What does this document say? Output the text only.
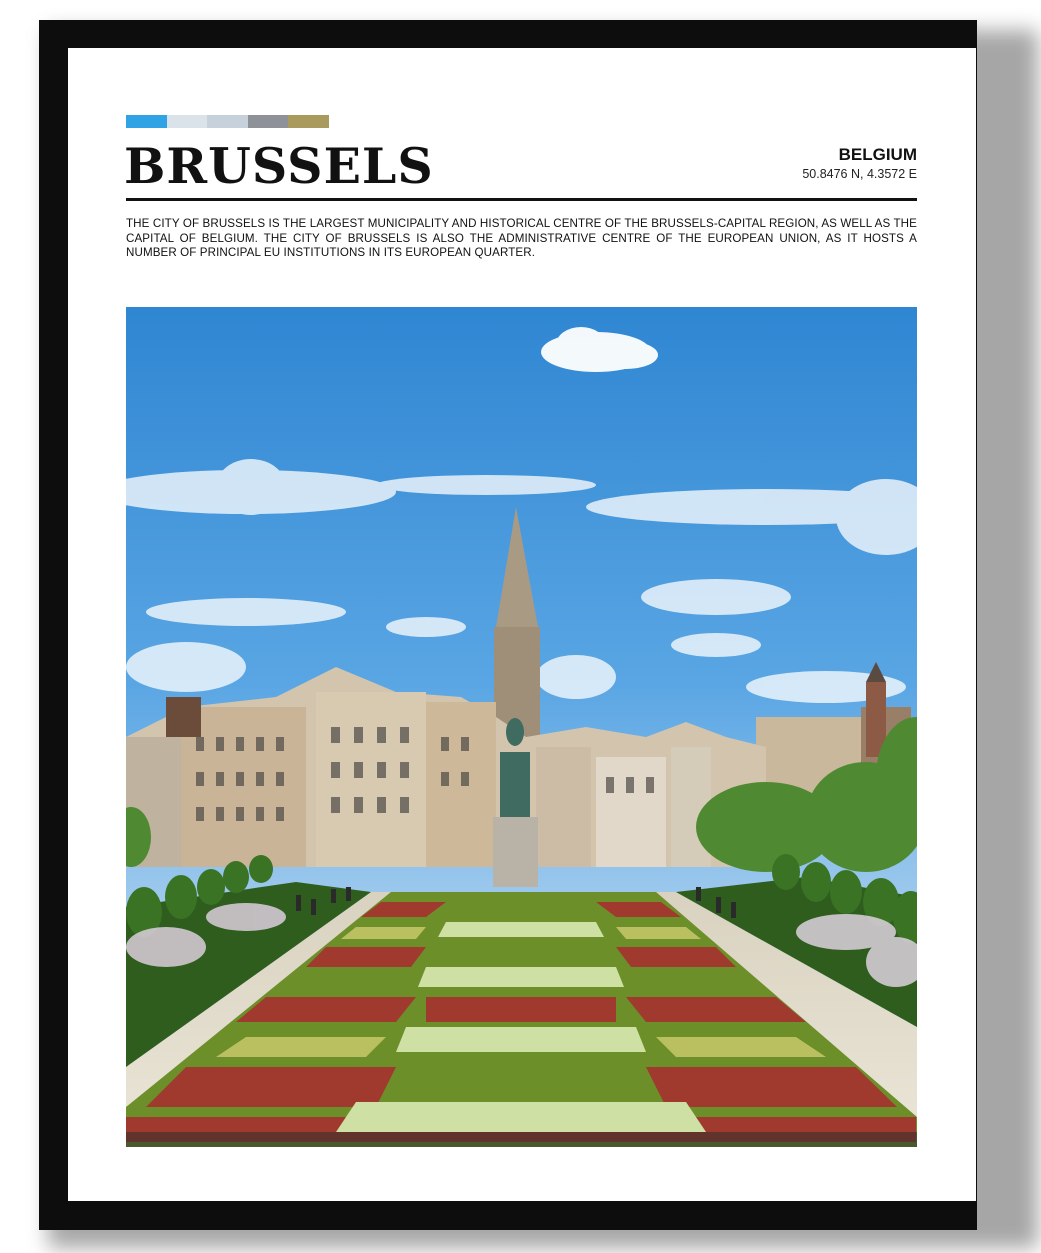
BRUSSELS	BELGIUM
50.8476 N, 4.3572 E

THE CITY OF BRUSSELS IS THE LARGEST MUNICIPALITY AND HISTORICAL CENTRE OF THE BRUSSELS-CAPITAL REGION, AS WELL AS THE CAPITAL OF BELGIUM. THE CITY OF BRUSSELS IS ALSO THE ADMINISTRATIVE CENTRE OF THE EUROPEAN UNION, AS IT HOSTS A NUMBER OF PRINCIPAL EU INSTITUTIONS IN ITS EUROPEAN QUARTER.
